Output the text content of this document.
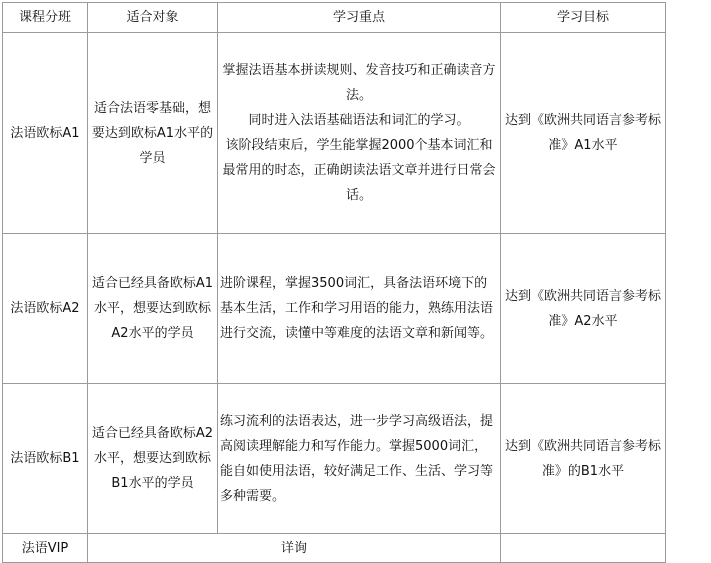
课程分班	适合对象	学习重点	学习目标

法语欧标A1	适合法语零基础，想要达到欧标A1水平的学员	掌握法语基本拼读规则、发音技巧和正确读音方法。
同时进入法语基础语法和词汇的学习。
该阶段结束后，学生能掌握2000个基本词汇和最常用的时态，正确朗读法语文章并进行日常会话。	达到《欧洲共同语言参考标准》A1水平

法语欧标A2	适合已经具备欧标A1水平，想要达到欧标A2水平的学员	进阶课程，掌握3500词汇，具备法语环境下的基本生活，工作和学习用语的能力，熟练用法语进行交流，读懂中等难度的法语文章和新闻等。	达到《欧洲共同语言参考标准》A2水平

法语欧标B1	适合已经具备欧标A2水平，想要达到欧标B1水平的学员	练习流利的法语表达，进一步学习高级语法，提高阅读理解能力和写作能力。掌握5000词汇，能自如使用法语，较好满足工作、生活、学习等多种需要。	达到《欧洲共同语言参考标准》的B1水平

法语VIP	详询		
